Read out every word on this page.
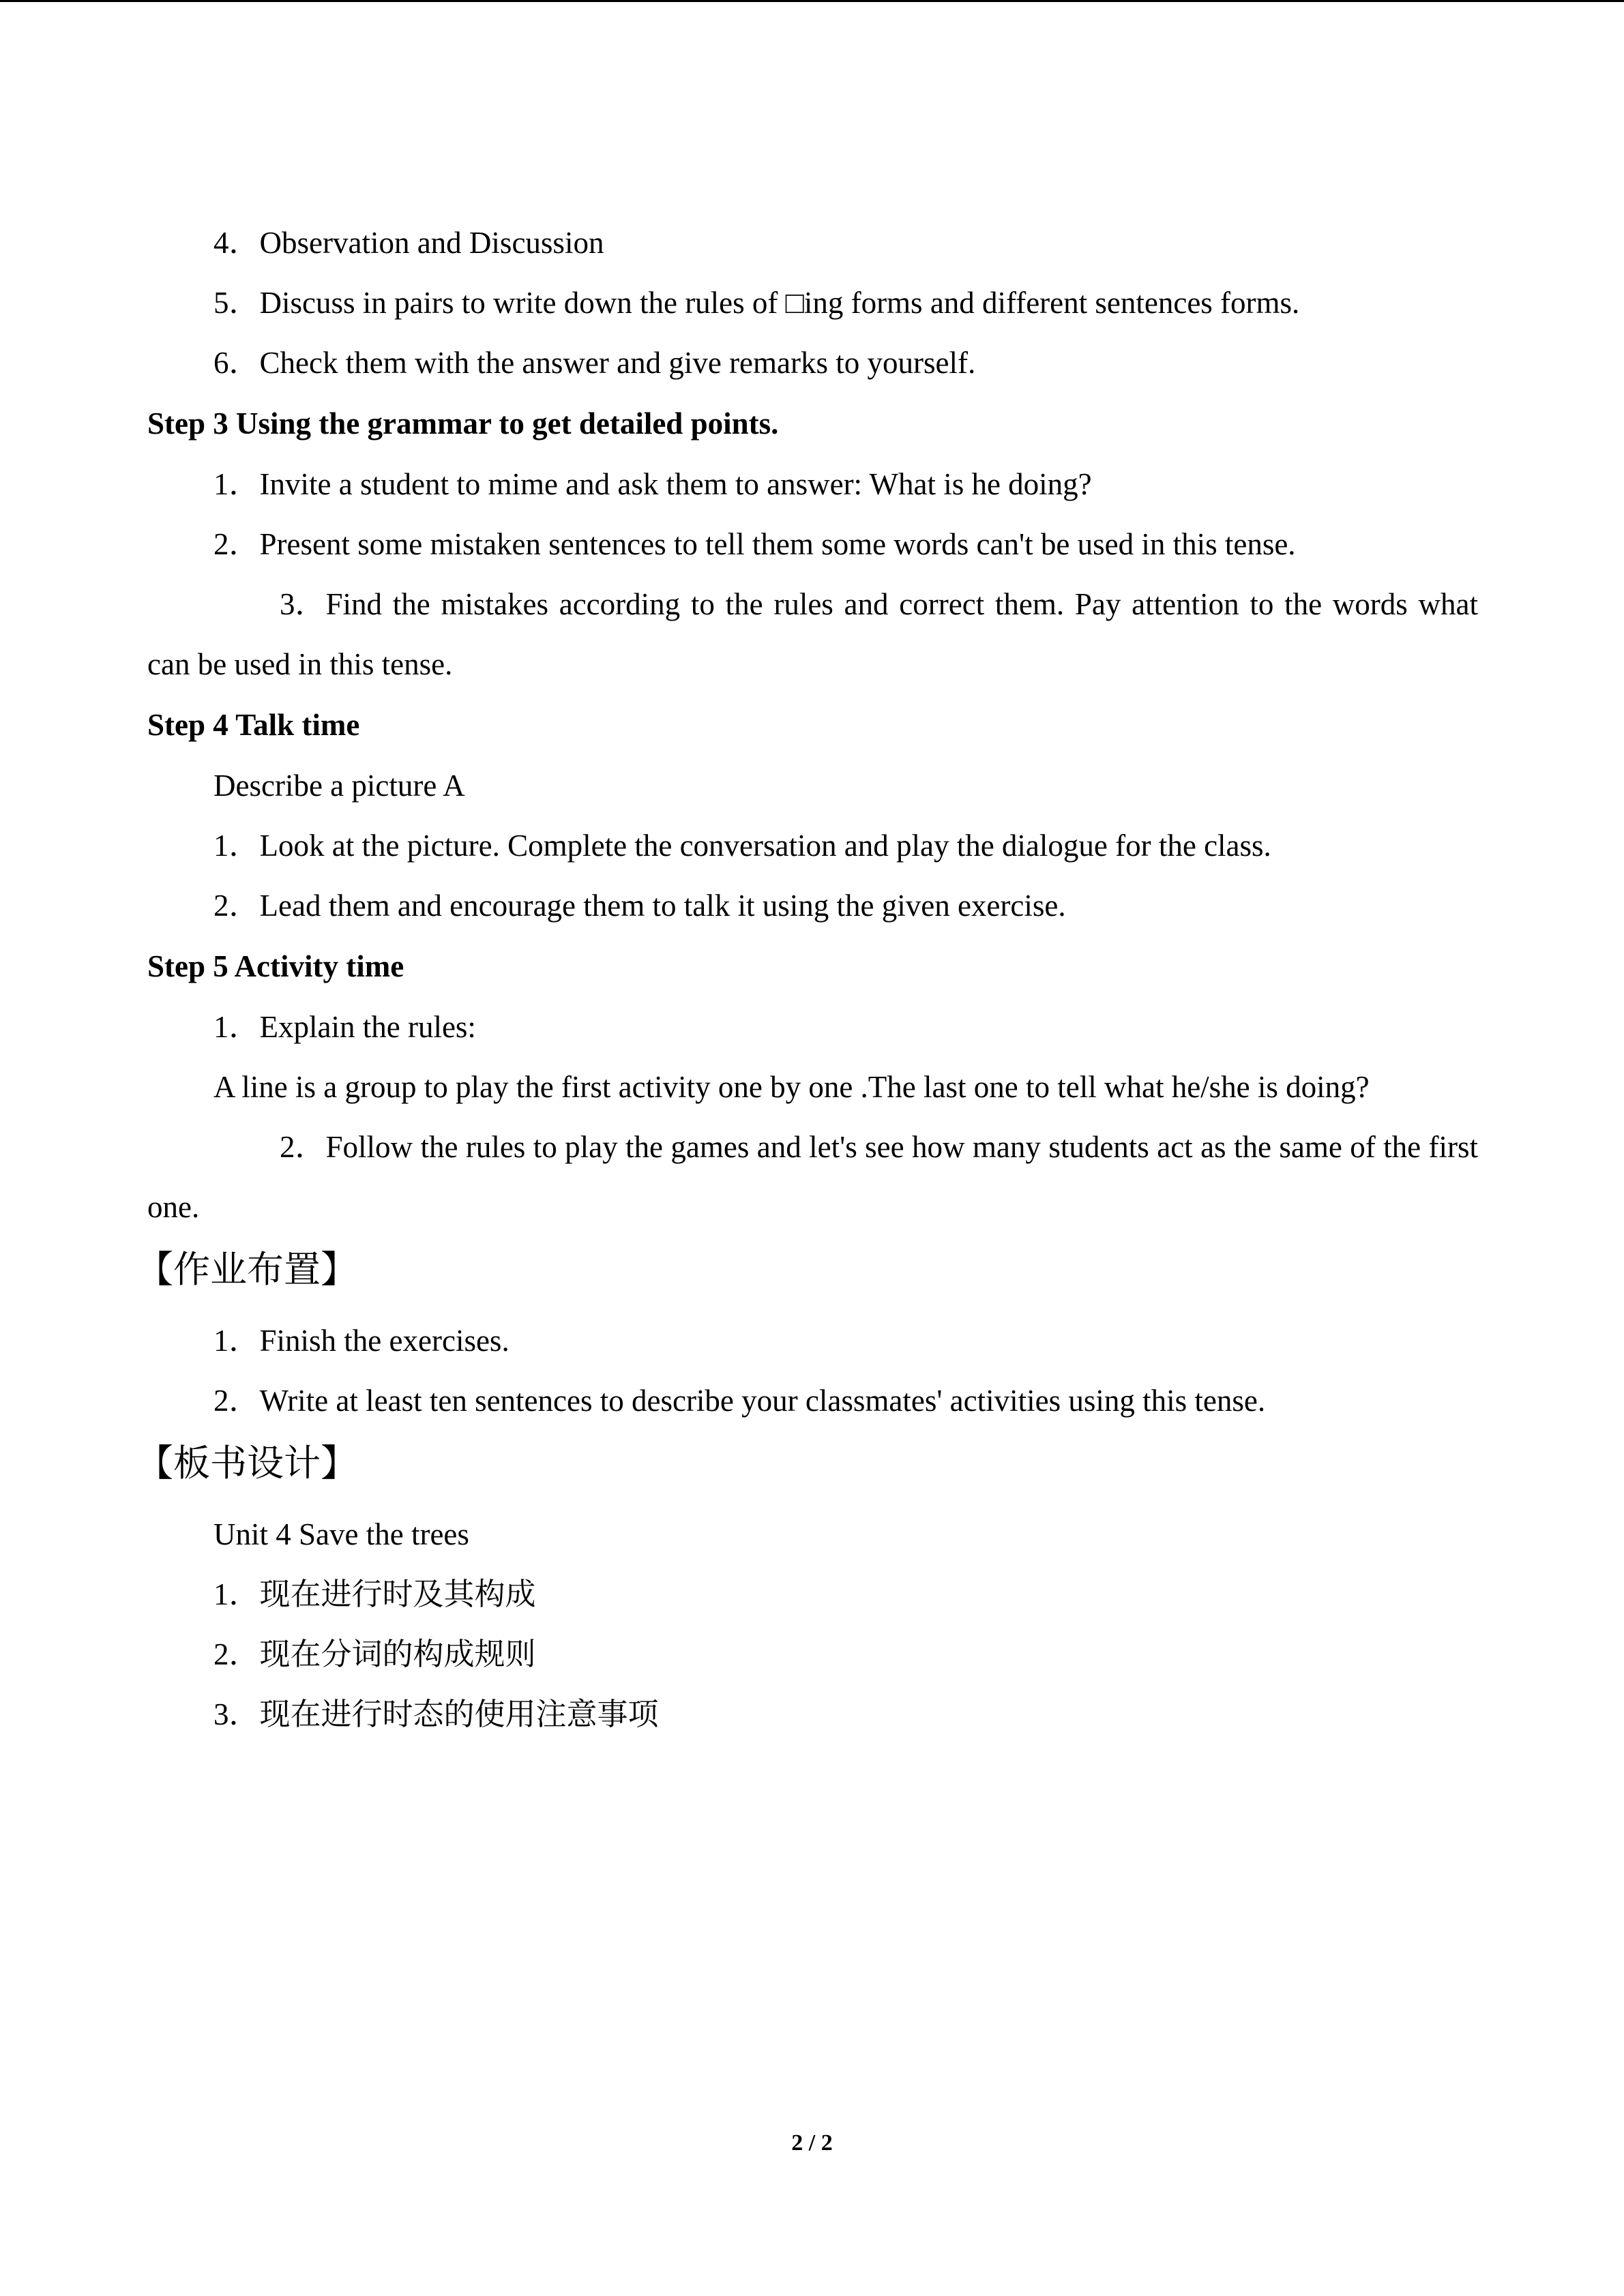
4．Observation and Discussion

5．Discuss in pairs to write down the rules of □ing forms and different sentences forms.

6．Check them with the answer and give remarks to yourself.

Step 3 Using the grammar to get detailed points.

1．Invite a student to mime and ask them to answer: What is he doing?

2．Present some mistaken sentences to tell them some words can't be used in this tense.

3．Find the mistakes according to the rules and correct them. Pay attention to the words what can be used in this tense.

Step 4 Talk time

Describe a picture A

1．Look at the picture. Complete the conversation and play the dialogue for the class.

2．Lead them and encourage them to talk it using the given exercise.

Step 5 Activity time

1．Explain the rules:

A line is a group to play the first activity one by one .The last one to tell what he/she is doing?

2．Follow the rules to play the games and let's see how many students act as the same of the first one.

【作业布置】

1．Finish the exercises.

2．Write at least ten sentences to describe your classmates' activities using this tense.

【板书设计】

Unit 4 Save the trees

1．现在进行时及其构成

2．现在分词的构成规则

3．现在进行时态的使用注意事项

2 / 2
